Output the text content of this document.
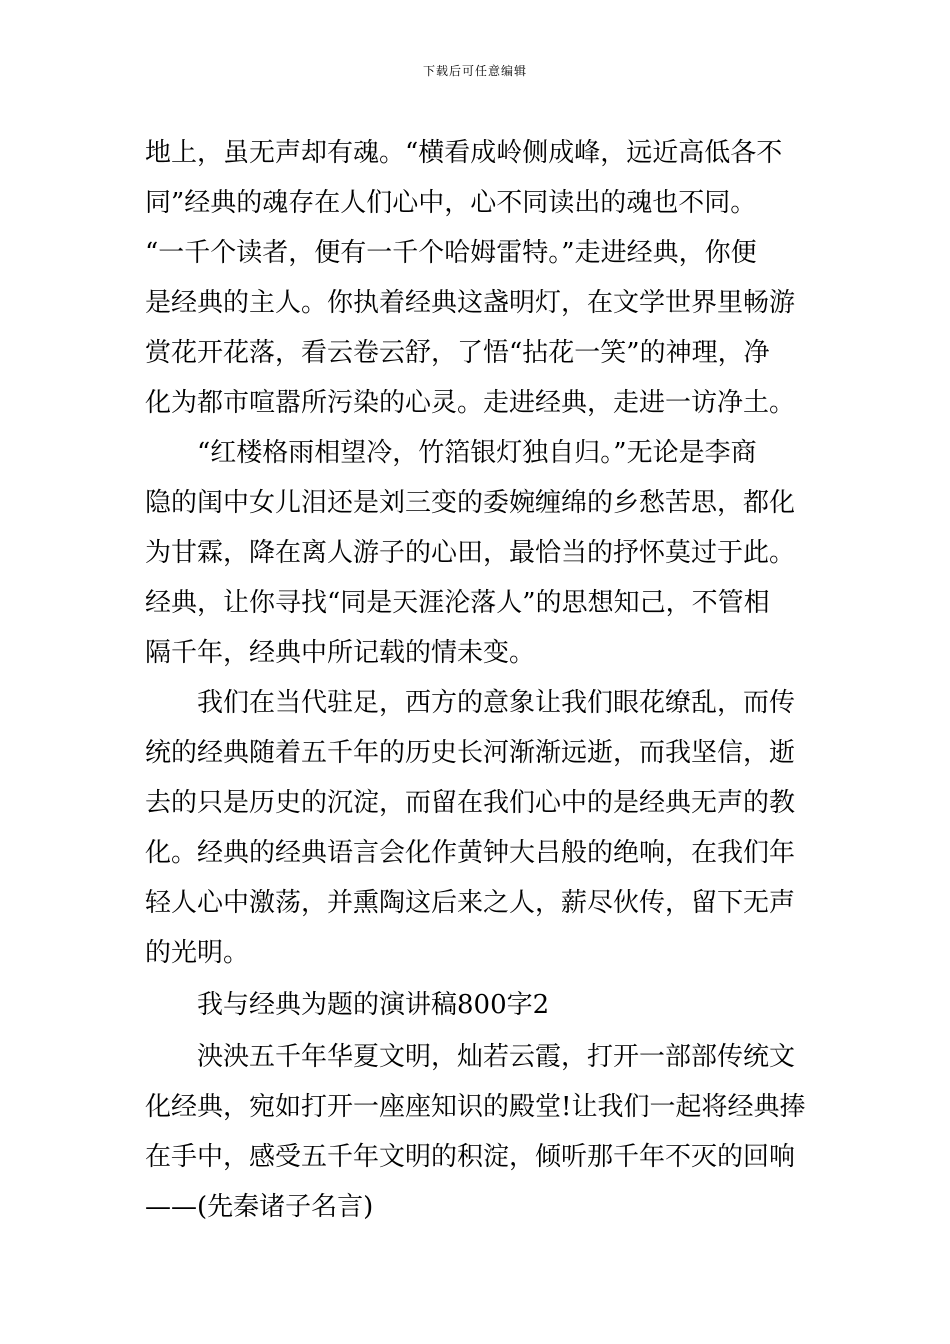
下载后可任意编辑
地上，虽无声却有魂。“横看成岭侧成峰，远近高低各不
同”经典的魂存在人们心中，心不同读出的魂也不同。
“一千个读者，便有一千个哈姆雷特。”走进经典，你便
是经典的主人。你执着经典这盏明灯，在文学世界里畅游
赏花开花落，看云卷云舒，了悟“拈花一笑”的神理，净
化为都市喧嚣所污染的心灵。走进经典，走进一访净土。
“红楼格雨相望冷，竹箔银灯独自归。”无论是李商
隐的闺中女儿泪还是刘三变的委婉缠绵的乡愁苦思，都化
为甘霖，降在离人游子的心田，最恰当的抒怀莫过于此。
经典，让你寻找“同是天涯沦落人”的思想知己，不管相
隔千年，经典中所记载的情未变。
我们在当代驻足，西方的意象让我们眼花缭乱，而传
统的经典随着五千年的历史长河渐渐远逝，而我坚信，逝
去的只是历史的沉淀，而留在我们心中的是经典无声的教
化。经典的经典语言会化作黄钟大吕般的绝响，在我们年
轻人心中激荡，并熏陶这后来之人，薪尽伙传，留下无声
的光明。
我与经典为题的演讲稿800字2
泱泱五千年华夏文明，灿若云霞，打开一部部传统文
化经典，宛如打开一座座知识的殿堂!让我们一起将经典捧
在手中，感受五千年文明的积淀，倾听那千年不灭的回响
——(先秦诸子名言)
